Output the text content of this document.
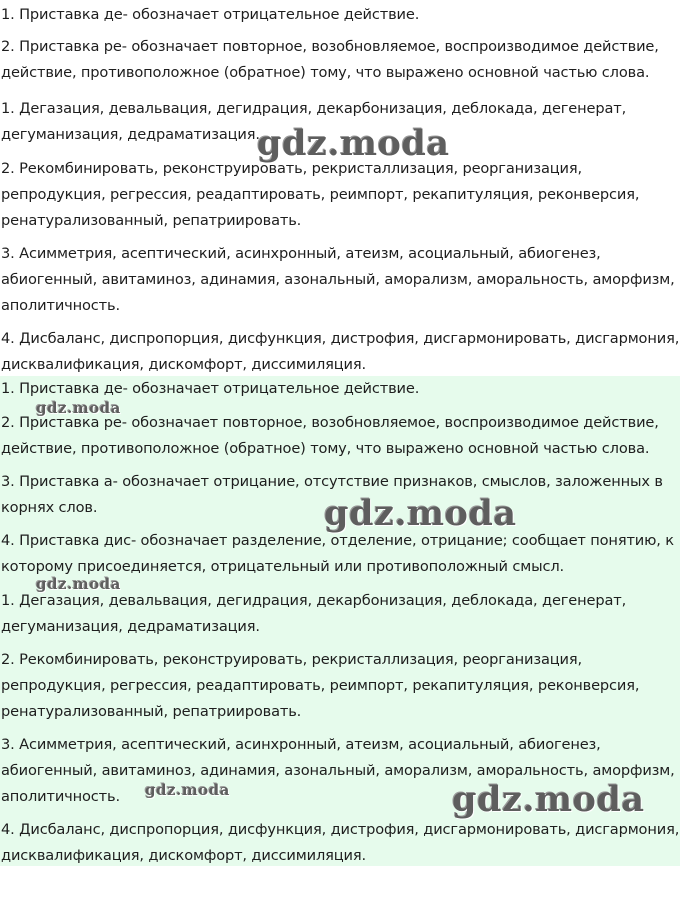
1. Приставка де- обозначает отрицательное действие.

2. Приставка ре- обозначает повторное, возобновляемое, воспроизводимое действие,

действие, противоположное (обратное) тому, что выражено основной частью слова.

1. Дегазация, девальвация, дегидрация, декарбонизация, деблокада, дегенерат,

дегуманизация, дедраматизация.

2. Рекомбинировать, реконструировать, рекристаллизация, реорганизация,

репродукция, регрессия, реадаптировать, реимпорт, рекапитуляция, реконверсия,

ренатурализованный, репатриировать.

3. Асимметрия, асептический, асинхронный, атеизм, асоциальный, абиогенез,

абиогенный, авитаминоз, адинамия, азональный, аморализм, аморальность, аморфизм,

аполитичность.

4. Дисбаланс, диспропорция, дисфункция, дистрофия, дисгармонировать, дисгармония,

дисквалификация, дискомфорт, диссимиляция.

1. Приставка де- обозначает отрицательное действие.

2. Приставка ре- обозначает повторное, возобновляемое, воспроизводимое действие,

действие, противоположное (обратное) тому, что выражено основной частью слова.

3. Приставка а- обозначает отрицание, отсутствие признаков, смыслов, заложенных в

корнях слов.

4. Приставка дис- обозначает разделение, отделение, отрицание; сообщает понятию, к

которому присоединяется, отрицательный или противоположный смысл.

1. Дегазация, девальвация, дегидрация, декарбонизация, деблокада, дегенерат,

дегуманизация, дедраматизация.

2. Рекомбинировать, реконструировать, рекристаллизация, реорганизация,

репродукция, регрессия, реадаптировать, реимпорт, рекапитуляция, реконверсия,

ренатурализованный, репатриировать.

3. Асимметрия, асептический, асинхронный, атеизм, асоциальный, абиогенез,

абиогенный, авитаминоз, адинамия, азональный, аморализм, аморальность, аморфизм,

аполитичность.

4. Дисбаланс, диспропорция, дисфункция, дистрофия, дисгармонировать, дисгармония,

дисквалификация, дискомфорт, диссимиляция.

gdz.moda
gdz.moda
gdz.moda
gdz.moda
gdz.moda	gdz.moda
